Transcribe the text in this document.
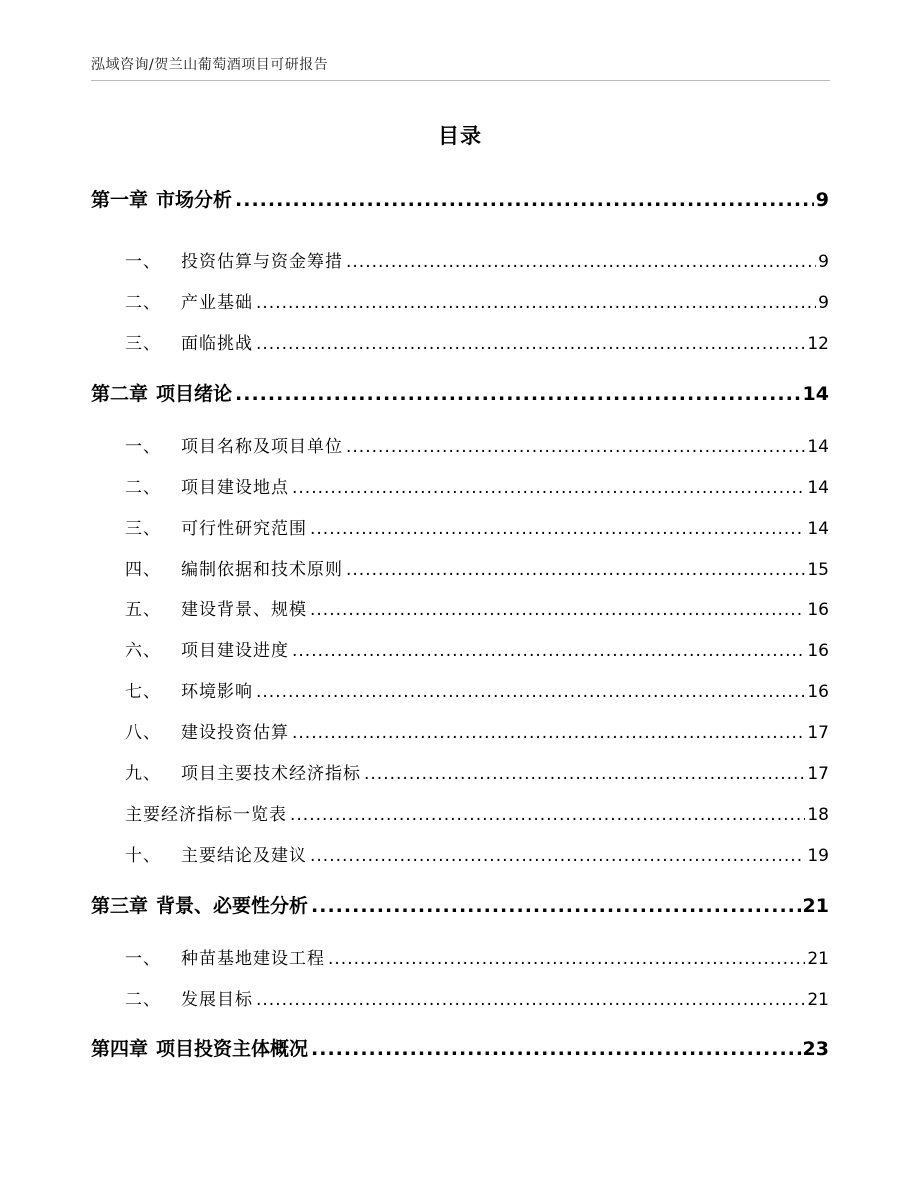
泓域咨询/贺兰山葡萄酒项目可研报告
目录
第一章 市场分析 .....	9
一、 投资估算与资金筹措 .....	9
二、 产业基础 .....	9
三、 面临挑战 .....	12
第二章 项目绪论 .....	14
一、 项目名称及项目单位 .....	14
二、 项目建设地点 .....	14
三、 可行性研究范围 .....	14
四、 编制依据和技术原则 .....	15
五、 建设背景、规模 .....	16
六、 项目建设进度 .....	16
七、 环境影响 .....	16
八、 建设投资估算 .....	17
九、 项目主要技术经济指标 .....	17
主要经济指标一览表 .....	18
十、 主要结论及建议 .....	19
第三章 背景、必要性分析 .....	21
一、 种苗基地建设工程 .....	21
二、 发展目标 .....	21
第四章 项目投资主体概况 .....	23
